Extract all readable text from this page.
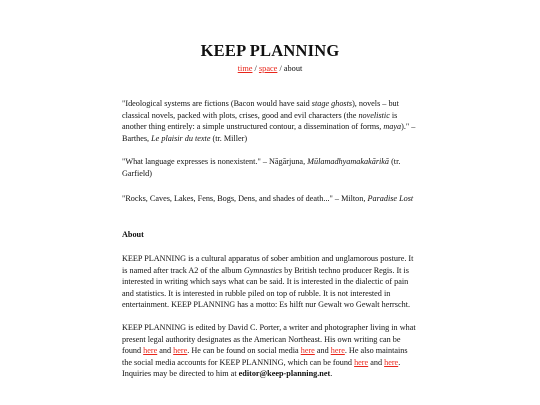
KEEP PLANNING
time / space / about

"Ideological systems are fictions (Bacon would have said stage ghosts), novels – but classical novels, packed with plots, crises, good and evil characters (the novelistic is another thing entirely: a simple unstructured contour, a dissemination of forms, maya)." – Barthes, Le plaisir du texte (tr. Miller)

"What language expresses is nonexistent." – Nāgārjuna, Mūlamadhyamakakārikā (tr. Garfield)

"Rocks, Caves, Lakes, Fens, Bogs, Dens, and shades of death..." – Milton, Paradise Lost

About

KEEP PLANNING is a cultural apparatus of sober ambition and unglamorous posture. It is named after track A2 of the album Gymnastics by British techno producer Regis. It is interested in writing which says what can be said. It is interested in the dialectic of pain and statistics. It is interested in rubble piled on top of rubble. It is not interested in entertainment. KEEP PLANNING has a motto: Es hilft nur Gewalt wo Gewalt herrscht.

KEEP PLANNING is edited by David C. Porter, a writer and photographer living in what present legal authority designates as the American Northeast. His own writing can be found here and here. He can be found on social media here and here. He also maintains the social media accounts for KEEP PLANNING, which can be found here and here. Inquiries may be directed to him at editor@keep-planning.net.
